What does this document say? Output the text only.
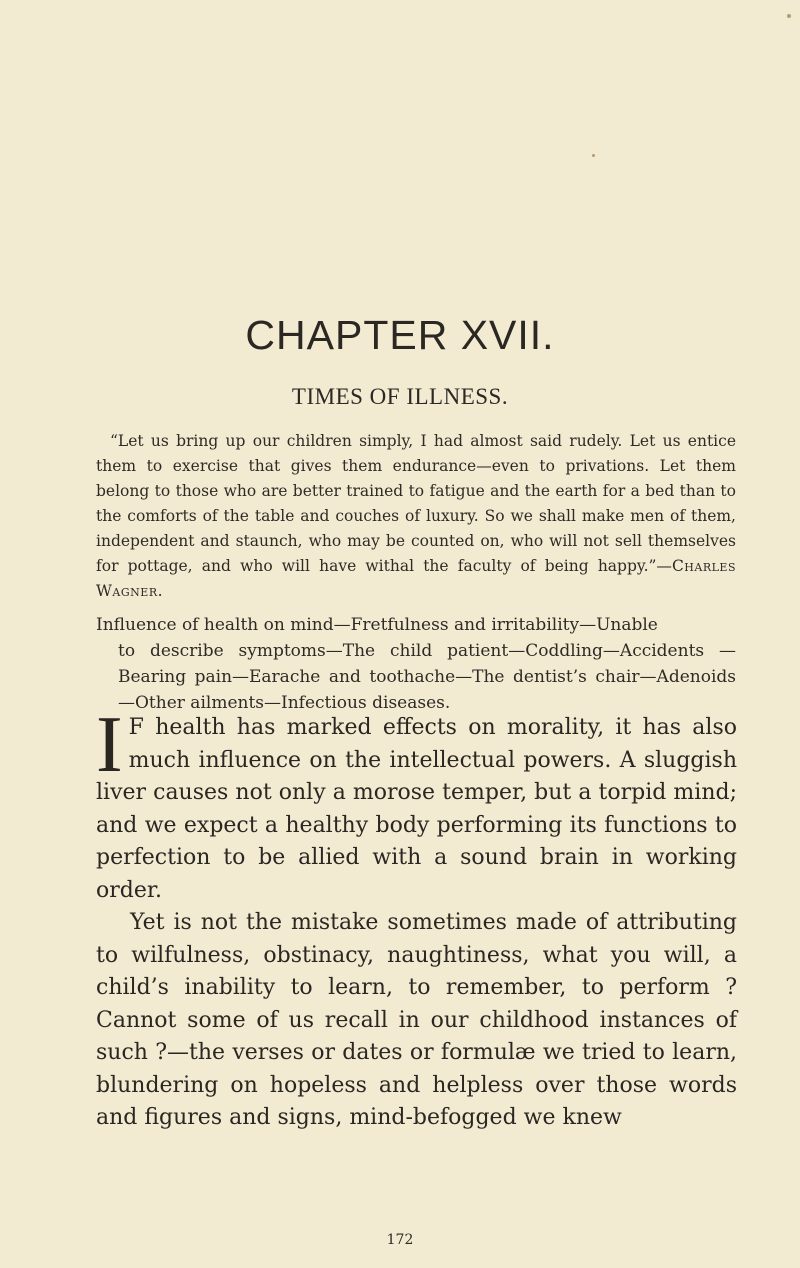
CHAPTER XVII.
TIMES OF ILLNESS.
“Let us bring up our children simply, I had almost said rudely. Let us entice them to exercise that gives them endurance—even to privations. Let them belong to those who are better trained to fatigue and the earth for a bed than to the comforts of the table and couches of luxury. So we shall make men of them, independent and staunch, who may be counted on, who will not sell themselves for pottage, and who will have withal the faculty of being happy.”—Charles Wagner.
Influence of health on mind—Fretfulness and irritability—Unable
to describe symptoms—The child patient—Coddling—Accidents —Bearing pain—Earache and toothache—The dentist’s chair—Adenoids—Other ailments—Infectious diseases.

I F health has marked effects on morality, it has also much influence on the intellectual powers. A sluggish liver causes not only a morose temper, but a torpid mind; and we expect a healthy body performing its functions to perfection to be allied with a sound brain in working order.

Yet is not the mistake sometimes made of attributing to wilfulness, obstinacy, naughtiness, what you will, a child’s inability to learn, to remember, to perform ? Cannot some of us recall in our childhood instances of such ?—the verses or dates or formulæ we tried to learn, blundering on hopeless and helpless over those words and figures and signs, mind-befogged we knew

172
